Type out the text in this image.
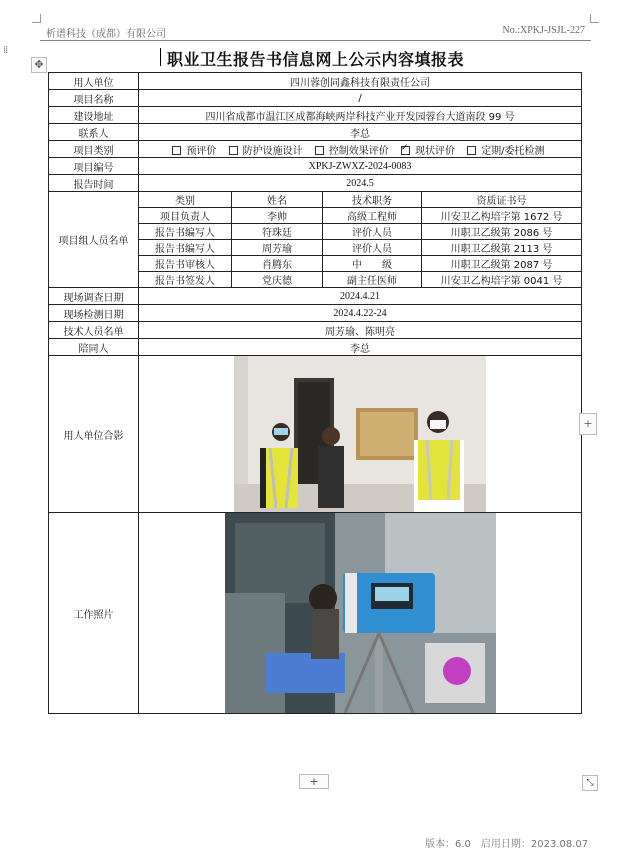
析谱科技（成都）有限公司	No.:XPKJ-JSJL-227
⁞⁞
✥	职业卫生报告书信息网上公示内容填报表
用人单位	四川蓉创同鑫科技有限责任公司
项目名称	/
建设地址	四川省成都市温江区成都海峡两岸科技产业开发园蓉台大道南段 99 号
联系人	李总
项目类别	预评价	防护设施设计	控制效果评价 ✓	现状评价	定期/委托检测
项目编号	XPKJ-ZWXZ-2024-0083
报告时间	2024.5
项目组人员名单	
类别	姓名	技术职务	资质证书号
项目负责人	李帅	高级工程师	川安卫乙构培字第 1672 号
报告书编写人	符珠廷	评价人员	川职卫乙级第 2086 号
报告书编写人	周芳瑜	评价人员	川职卫乙级第 2113 号
报告书审核人	肖腾东	中　　级	川职卫乙级第 2087 号
报告书签发人	党庆德	副主任医师	川安卫乙构培字第 0041 号

现场调查日期	2024.4.21
现场检测日期	2024.4.22-24
技术人员名单	周芳瑜、陈明亮
陪同人	李总
用人单位合影	

工作照片	
+
+	⤡
版本：6.0　启用日期：2023.08.07
